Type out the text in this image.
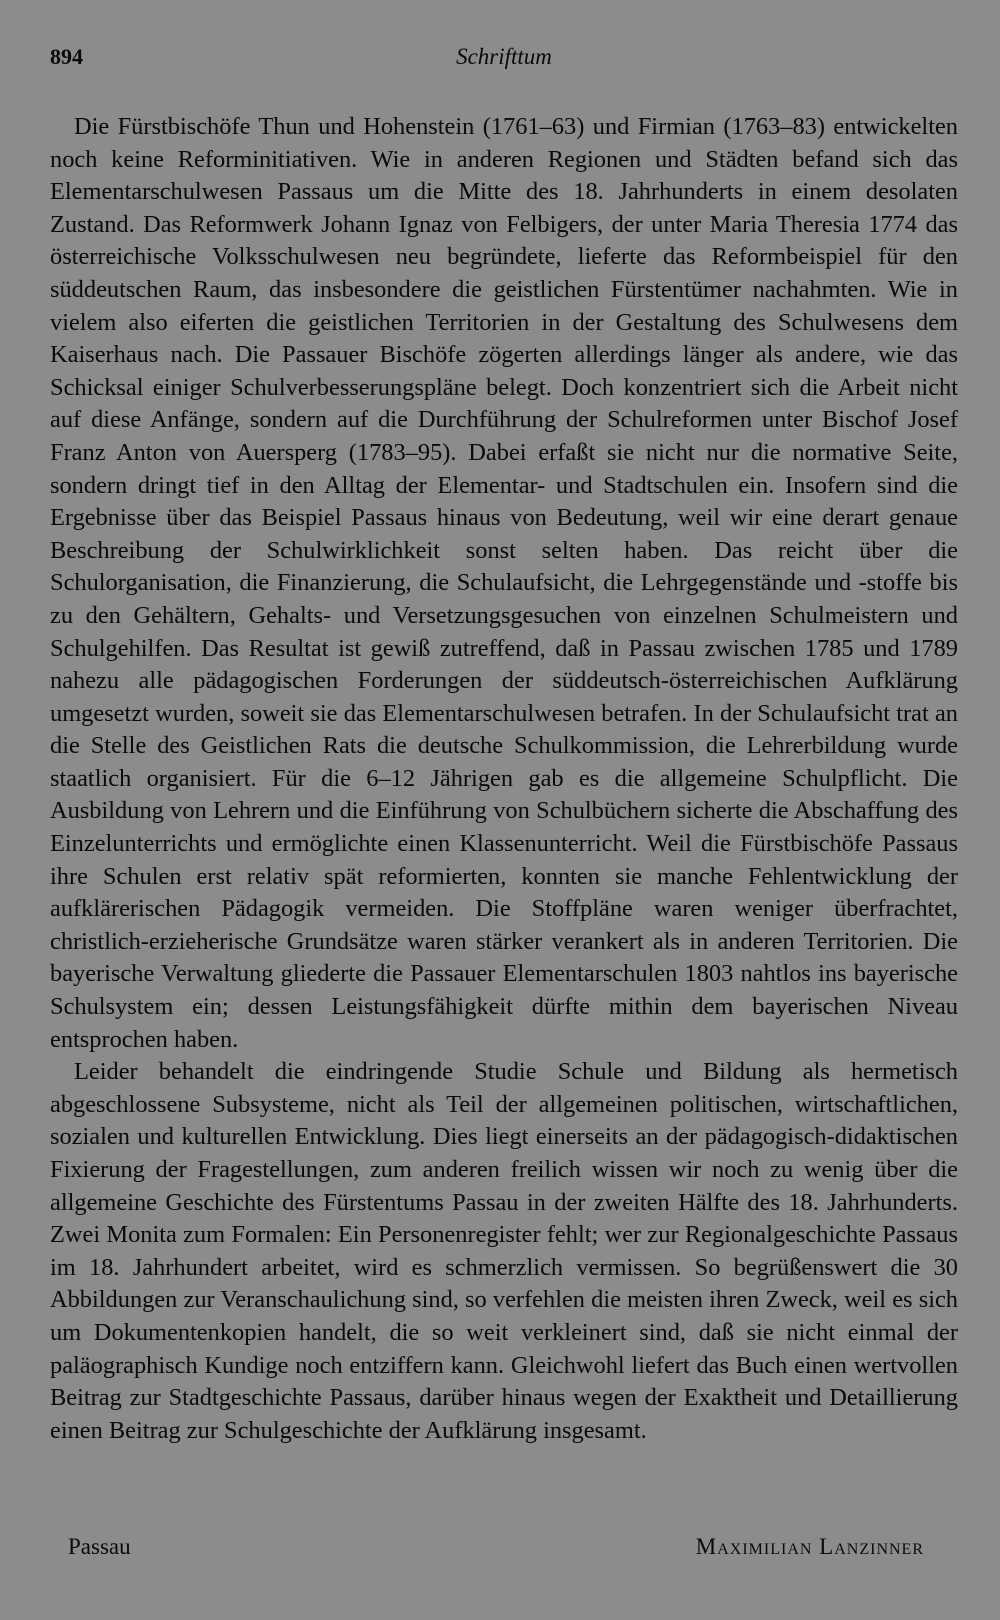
894	Schrifttum

Die Fürstbischöfe Thun und Hohenstein (1761–63) und Firmian (1763–83) entwickelten noch keine Reforminitiativen. Wie in anderen Regionen und Städten befand sich das Elementarschulwesen Passaus um die Mitte des 18. Jahrhunderts in einem desolaten Zustand. Das Reformwerk Johann Ignaz von Felbigers, der unter Maria Theresia 1774 das österreichische Volksschulwesen neu begründete, lieferte das Reformbeispiel für den süddeutschen Raum, das insbesondere die geistlichen Fürstentümer nachahmten. Wie in vielem also eiferten die geistlichen Territorien in der Gestaltung des Schulwesens dem Kaiserhaus nach. Die Passauer Bischöfe zögerten allerdings länger als andere, wie das Schicksal einiger Schulverbesserungspläne belegt. Doch konzentriert sich die Arbeit nicht auf diese Anfänge, sondern auf die Durchführung der Schulreformen unter Bischof Josef Franz Anton von Auersperg (1783–95). Dabei erfaßt sie nicht nur die normative Seite, sondern dringt tief in den Alltag der Elementar- und Stadtschulen ein. Insofern sind die Ergebnisse über das Beispiel Passaus hinaus von Bedeutung, weil wir eine derart genaue Beschreibung der Schulwirklichkeit sonst selten haben. Das reicht über die Schulorganisation, die Finanzierung, die Schulaufsicht, die Lehrgegenstände und -stoffe bis zu den Gehältern, Gehalts- und Versetzungsgesuchen von einzelnen Schulmeistern und Schulgehilfen. Das Resultat ist gewiß zutreffend, daß in Passau zwischen 1785 und 1789 nahezu alle pädagogischen Forderungen der süddeutsch-österreichischen Aufklärung umgesetzt wurden, soweit sie das Elementarschulwesen betrafen. In der Schulaufsicht trat an die Stelle des Geistlichen Rats die deutsche Schulkommission, die Lehrerbildung wurde staatlich organisiert. Für die 6–12 Jährigen gab es die allgemeine Schulpflicht. Die Ausbildung von Lehrern und die Einführung von Schulbüchern sicherte die Abschaffung des Einzelunterrichts und ermöglichte einen Klassenunterricht. Weil die Fürstbischöfe Passaus ihre Schulen erst relativ spät reformierten, konnten sie manche Fehlentwicklung der aufklärerischen Pädagogik vermeiden. Die Stoffpläne waren weniger überfrachtet, christlich-erzieherische Grundsätze waren stärker verankert als in anderen Territorien. Die bayerische Verwaltung gliederte die Passauer Elementarschulen 1803 nahtlos ins bayerische Schulsystem ein; dessen Leistungsfähigkeit dürfte mithin dem bayerischen Niveau entsprochen haben.

Leider behandelt die eindringende Studie Schule und Bildung als hermetisch abgeschlossene Subsysteme, nicht als Teil der allgemeinen politischen, wirtschaftlichen, sozialen und kulturellen Entwicklung. Dies liegt einerseits an der pädagogisch-didaktischen Fixierung der Fragestellungen, zum anderen freilich wissen wir noch zu wenig über die allgemeine Geschichte des Fürstentums Passau in der zweiten Hälfte des 18. Jahrhunderts. Zwei Monita zum Formalen: Ein Personenregister fehlt; wer zur Regionalgeschichte Passaus im 18. Jahrhundert arbeitet, wird es schmerzlich vermissen. So begrüßenswert die 30 Abbildungen zur Veranschaulichung sind, so verfehlen die meisten ihren Zweck, weil es sich um Dokumentenkopien handelt, die so weit verkleinert sind, daß sie nicht einmal der paläographisch Kundige noch entziffern kann. Gleichwohl liefert das Buch einen wertvollen Beitrag zur Stadtgeschichte Passaus, darüber hinaus wegen der Exaktheit und Detaillierung einen Beitrag zur Schulgeschichte der Aufklärung insgesamt.

Passau	Maximilian Lanzinner
